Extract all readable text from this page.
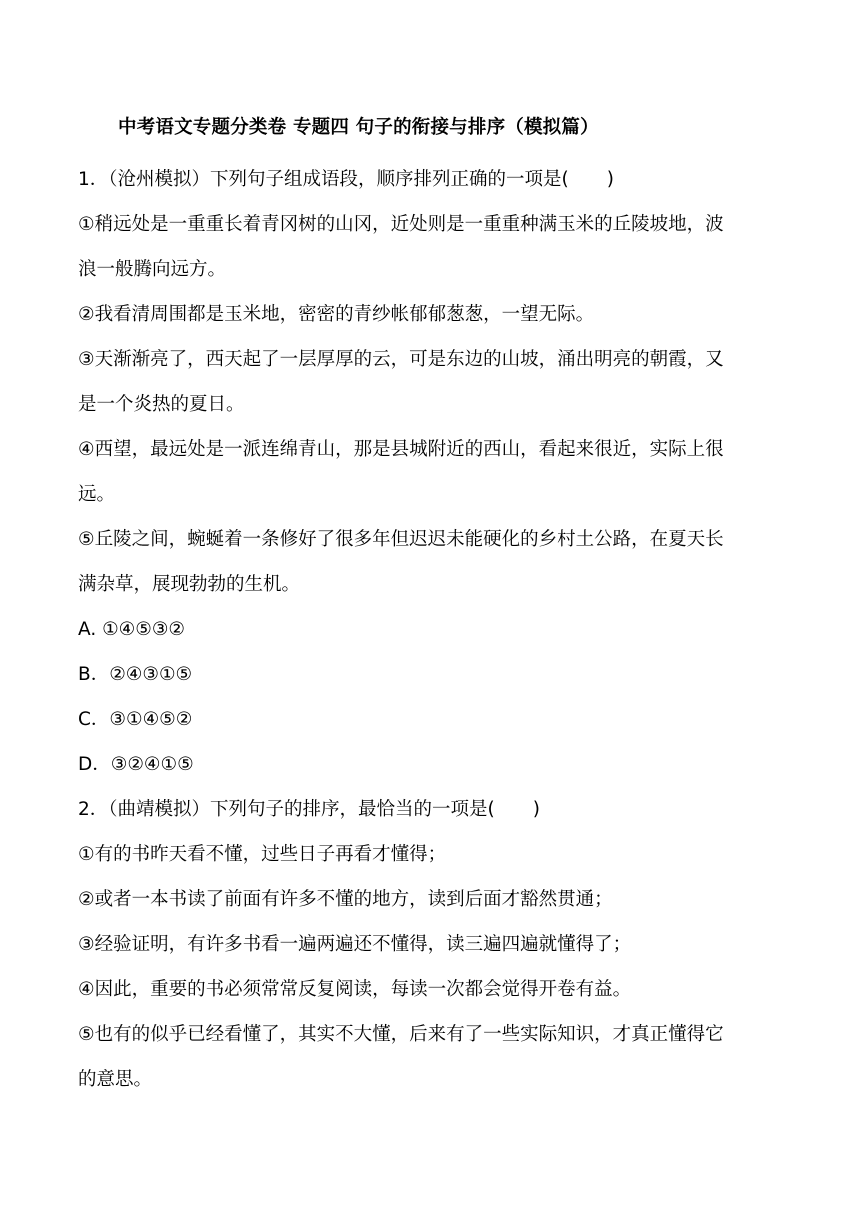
中考语文专题分类卷 专题四 句子的衔接与排序（模拟篇）
1．（沧州模拟）下列句子组成语段，顺序排列正确的一项是( )
①稍远处是一重重长着青冈树的山冈，近处则是一重重种满玉米的丘陵坡地，波
浪一般腾向远方。
②我看清周围都是玉米地，密密的青纱帐郁郁葱葱，一望无际。
③天渐渐亮了，西天起了一层厚厚的云，可是东边的山坡，涌出明亮的朝霞，又
是一个炎热的夏日。
④西望，最远处是一派连绵青山，那是县城附近的西山，看起来很近，实际上很
远。
⑤丘陵之间，蜿蜒着一条修好了很多年但迟迟未能硬化的乡村土公路，在夏天长
满杂草，展现勃勃的生机。
A. ①④⑤③②
B．②④③①⑤
C．③①④⑤②
D．③②④①⑤
2．（曲靖模拟）下列句子的排序，最恰当的一项是( )
①有的书昨天看不懂，过些日子再看才懂得；
②或者一本书读了前面有许多不懂的地方，读到后面才豁然贯通；
③经验证明，有许多书看一遍两遍还不懂得，读三遍四遍就懂得了；
④因此，重要的书必须常常反复阅读，每读一次都会觉得开卷有益。
⑤也有的似乎已经看懂了，其实不大懂，后来有了一些实际知识，才真正懂得它
的意思。
